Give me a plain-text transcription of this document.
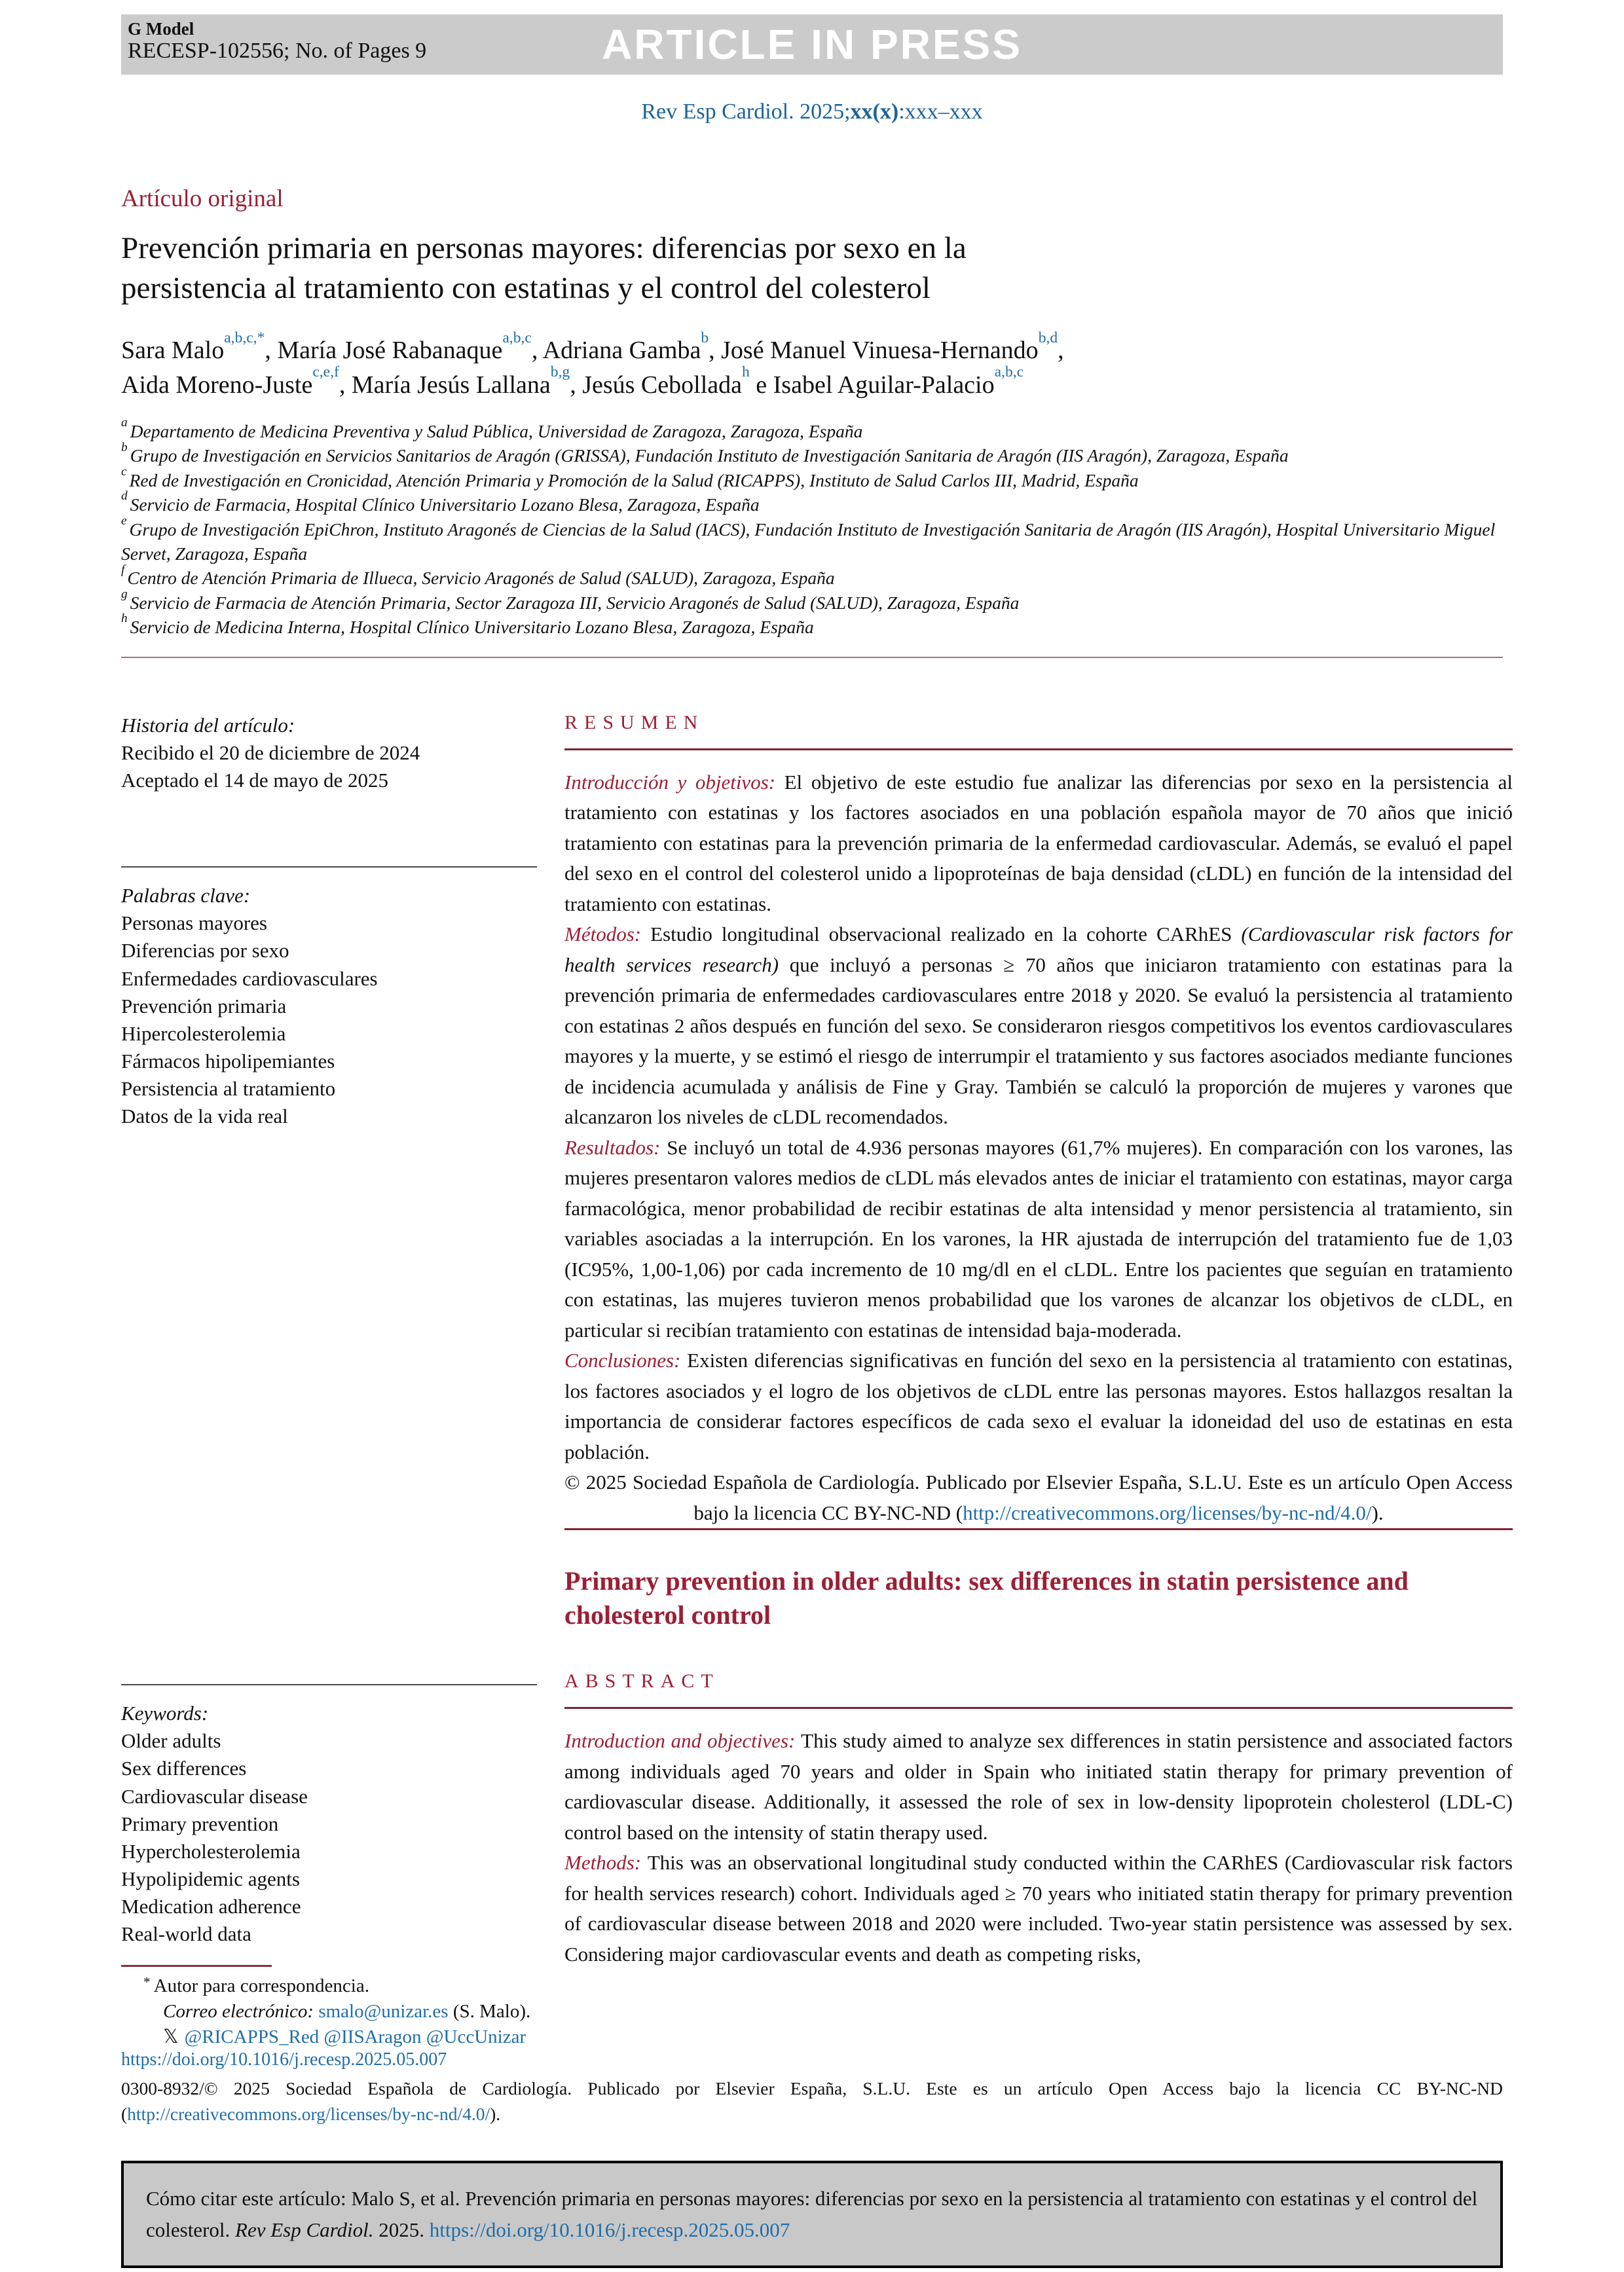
G Model
RECESP-102556; No. of Pages 9	ARTICLE IN PRESS
Rev Esp Cardiol. 2025;xx(x):xxx–xxx
Artículo original
Prevención primaria en personas mayores: diferencias por sexo en la
persistencia al tratamiento con estatinas y el control del colesterol
Sara Malo$^{a,b,c,*}$, María José Rabanaque$^{a,b,c}$, Adriana Gamba$^b$, José Manuel Vinuesa-Hernando$^{b,d}$,
Aida Moreno-Juste$^{c,e,f}$, María Jesús Lallana$^{b,g}$, Jesús Cebollada$^h$ e Isabel Aguilar-Palacio$^{a,b,c}$
$^a$ Departamento de Medicina Preventiva y Salud Pública, Universidad de Zaragoza, Zaragoza, España
$^b$ Grupo de Investigación en Servicios Sanitarios de Aragón (GRISSA), Fundación Instituto de Investigación Sanitaria de Aragón (IIS Aragón), Zaragoza, España
$^c$ Red de Investigación en Cronicidad, Atención Primaria y Promoción de la Salud (RICAPPS), Instituto de Salud Carlos III, Madrid, España
$^d$ Servicio de Farmacia, Hospital Clínico Universitario Lozano Blesa, Zaragoza, España
$^e$ Grupo de Investigación EpiChron, Instituto Aragonés de Ciencias de la Salud (IACS), Fundación Instituto de Investigación Sanitaria de Aragón (IIS Aragón), Hospital Universitario Miguel Servet, Zaragoza, España
$^f$ Centro de Atención Primaria de Illueca, Servicio Aragonés de Salud (SALUD), Zaragoza, España
$^g$ Servicio de Farmacia de Atención Primaria, Sector Zaragoza III, Servicio Aragonés de Salud (SALUD), Zaragoza, España
$^h$ Servicio de Medicina Interna, Hospital Clínico Universitario Lozano Blesa, Zaragoza, España
Historia del artículo:
Recibido el 20 de diciembre de 2024
Aceptado el 14 de mayo de 2025
Palabras clave:
Personas mayores
Diferencias por sexo
Enfermedades cardiovasculares
Prevención primaria
Hipercolesterolemia
Fármacos hipolipemiantes
Persistencia al tratamiento
Datos de la vida real
RESUMEN

Introducción y objetivos: El objetivo de este estudio fue analizar las diferencias por sexo en la persistencia al tratamiento con estatinas y los factores asociados en una población española mayor de 70 años que inició tratamiento con estatinas para la prevención primaria de la enfermedad cardiovascular. Además, se evaluó el papel del sexo en el control del colesterol unido a lipoproteínas de baja densidad (cLDL) en función de la intensidad del tratamiento con estatinas.

Métodos: Estudio longitudinal observacional realizado en la cohorte CARhES (Cardiovascular risk factors for health services research) que incluyó a personas ≥ 70 años que iniciaron tratamiento con estatinas para la prevención primaria de enfermedades cardiovasculares entre 2018 y 2020. Se evaluó la persistencia al tratamiento con estatinas 2 años después en función del sexo. Se consideraron riesgos competitivos los eventos cardiovasculares mayores y la muerte, y se estimó el riesgo de interrumpir el tratamiento y sus factores asociados mediante funciones de incidencia acumulada y análisis de Fine y Gray. También se calculó la proporción de mujeres y varones que alcanzaron los niveles de cLDL recomendados.

Resultados: Se incluyó un total de 4.936 personas mayores (61,7% mujeres). En comparación con los varones, las mujeres presentaron valores medios de cLDL más elevados antes de iniciar el tratamiento con estatinas, mayor carga farmacológica, menor probabilidad de recibir estatinas de alta intensidad y menor persistencia al tratamiento, sin variables asociadas a la interrupción. En los varones, la HR ajustada de interrupción del tratamiento fue de 1,03 (IC95%, 1,00-1,06) por cada incremento de 10 mg/dl en el cLDL. Entre los pacientes que seguían en tratamiento con estatinas, las mujeres tuvieron menos probabilidad que los varones de alcanzar los objetivos de cLDL, en particular si recibían tratamiento con estatinas de intensidad baja-moderada.

Conclusiones: Existen diferencias significativas en función del sexo en la persistencia al tratamiento con estatinas, los factores asociados y el logro de los objetivos de cLDL entre las personas mayores. Estos hallazgos resaltan la importancia de considerar factores específicos de cada sexo el evaluar la idoneidad del uso de estatinas en esta población.

© 2025 Sociedad Española de Cardiología. Publicado por Elsevier España, S.L.U. Este es un artículo Open Access bajo la licencia CC BY-NC-ND (http://creativecommons.org/licenses/by-nc-nd/4.0/).

Keywords:
Older adults
Sex differences
Cardiovascular disease
Primary prevention
Hypercholesterolemia
Hypolipidemic agents
Medication adherence
Real-world data
* Autor para correspondencia.
Correo electrónico: smalo@unizar.es (S. Malo).
𝕏 @RICAPPS_Red @IISAragon @UccUnizar
Primary prevention in older adults: sex differences in statin persistence and
cholesterol control
ABSTRACT

Introduction and objectives: This study aimed to analyze sex differences in statin persistence and associated factors among individuals aged 70 years and older in Spain who initiated statin therapy for primary prevention of cardiovascular disease. Additionally, it assessed the role of sex in low-density lipoprotein cholesterol (LDL-C) control based on the intensity of statin therapy used.

Methods: This was an observational longitudinal study conducted within the CARhES (Cardiovascular risk factors for health services research) cohort. Individuals aged ≥ 70 years who initiated statin therapy for primary prevention of cardiovascular disease between 2018 and 2020 were included. Two-year statin persistence was assessed by sex. Considering major cardiovascular events and death as competing risks,

https://doi.org/10.1016/j.recesp.2025.05.007
0300-8932/© 2025 Sociedad Española de Cardiología. Publicado por Elsevier España, S.L.U. Este es un artículo Open Access bajo la licencia CC BY-NC-ND (http://creativecommons.org/licenses/by-nc-nd/4.0/).
Cómo citar este artículo: Malo S, et al. Prevención primaria en personas mayores: diferencias por sexo en la persistencia al tratamiento con estatinas y el control del colesterol. Rev Esp Cardiol. 2025. https://doi.org/10.1016/j.recesp.2025.05.007
